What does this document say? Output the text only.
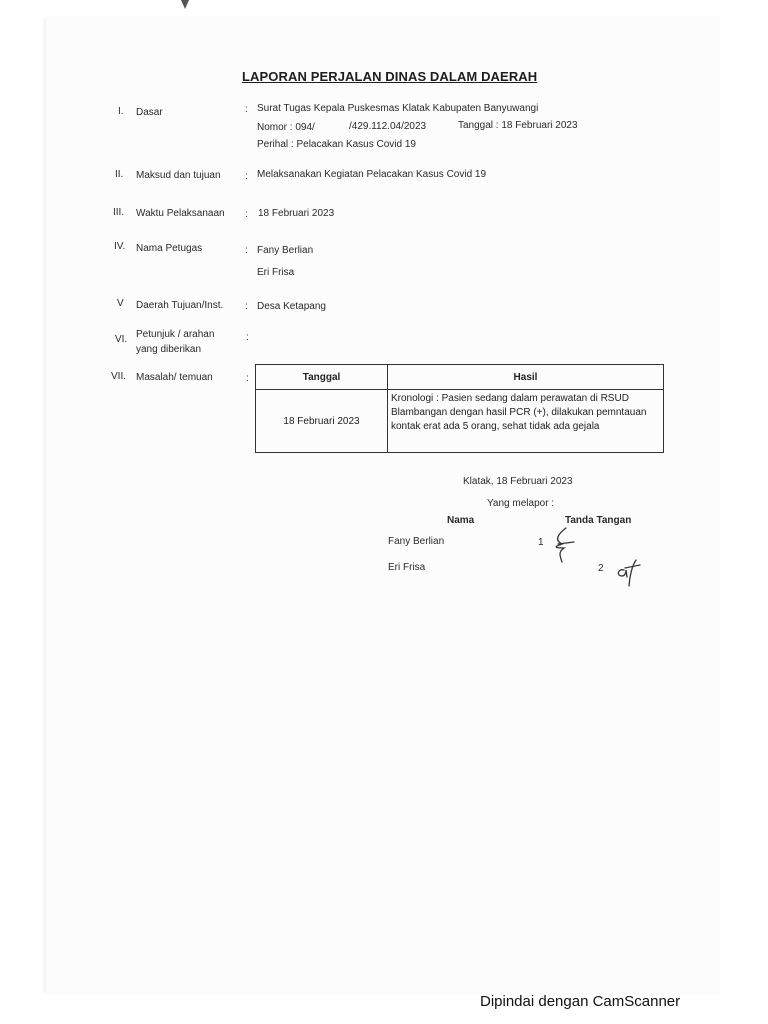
LAPORAN PERJALAN DINAS DALAM DAERAH
I. Dasar	: Surat Tugas Kepala Puskesmas Klatak Kabupaten Banyuwangi
Nomor : 094/	/429.112.04/2023	Tanggal : 18 Februari 2023
Perihal : Pelacakan Kasus Covid 19
II. Maksud dan tujuan : Melaksanakan Kegiatan Pelacakan Kasus Covid 19
III. Waktu Pelaksanaan : 18 Februari 2023
IV. Nama Petugas	: Fany Berlian
Eri Frisa
V Daerah Tujuan/Inst. : Desa Ketapang
VI. Petunjuk / arahan
yang diberikan
:
VII. Masalah/ temuan	:	Tanggal	Hasil
18 Februari 2023	Kronologi : Pasien sedang dalam perawatan di RSUD Blambangan dengan hasil PCR (+), dilakukan pemntauan kontak erat ada 5 orang, sehat tidak ada gejala
Klatak, 18 Februari 2023
Yang melapor :
Nama	Tanda Tangan
Fany Berlian	1
Eri Frisa	2
Dipindai dengan CamScanner
